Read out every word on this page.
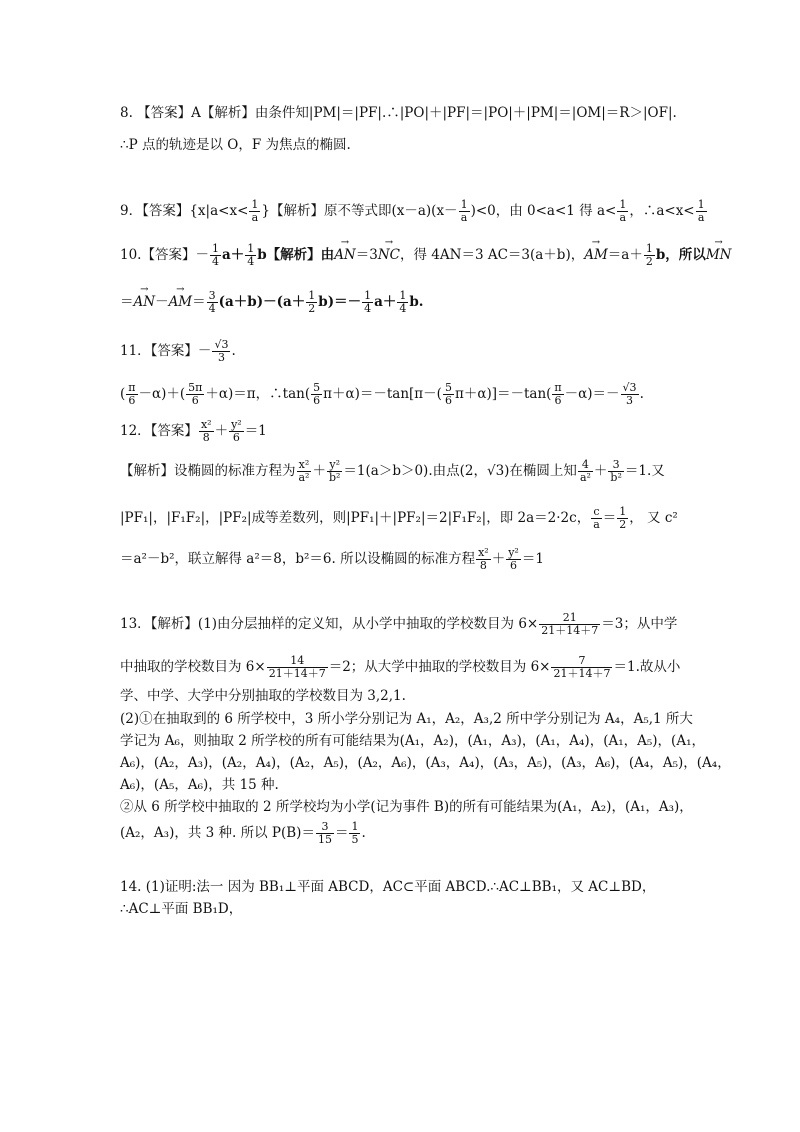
8. 【答案】A【解析】由条件知|PM|＝|PF|.∴|PO|＋|PF|＝|PO|＋|PM|＝|OM|＝R＞|OF|.
∴P 点的轨迹是以 O，F 为焦点的椭圆.
9．【答案】{$x|a<x< \frac{1}{a}$ }【解析】原不等式即$(x-a)(x- \frac{1}{a} )<0$，由 0<a<1 得 $a< \frac{1}{a}$ ，∴a<x< $\frac{1}{a}$
10.【答案】－ $\frac{1}{4} a+ \frac{1}{4}$ b【解析】由→ AN＝3→ NC，得 4AN＝3 AC＝3(a＋b)，→ $AM=a+ \frac{1}{2}$ b，所以→ MN
＝→ $AN-\to AM= \frac{3}{4} (a+b)-(a+ \frac{1}{2} b)=- \frac{1}{4} a+ \frac{1}{4} b$.
11．【答案】－ $\frac{√3}{3}$ .
( $\frac{\pi}{6} -\alpha)+( \frac{5\pi}{6} +\alpha)=\pi$，∴tan( $\frac{5}{6} \pi+\alpha)=-\tan[\pi-( \frac{5}{6} \pi+\alpha)]=-\tan( \frac{\pi}{6} -\alpha)=- \frac{√3}{3}$ .
12．【答案】 $\frac{\text{x²}}{8} + \frac{\text{y²}}{6} =1$
【解析】设椭圆的标准方程为 $\frac{\text{x²}}{\text{a²}} + \frac{\text{y²}}{\text{b²}} =1(a>b>0)$.由点(2，√3)在椭圆上知 $\frac{4}{\text{a²}} + \frac{3}{\text{b²}} =1$.又
|PF₁|，|F₁F₂|，|PF₂|成等差数列，则|PF₁|＋|PF₂|＝2|F₁F₂|，即 2a＝2·2c， $\frac{c}{a} = \frac{1}{2}$ ， 又 c²
＝a²－b²，联立解得 a²＝8，b²＝6. 所以设椭圆的标准方程 $\frac{\text{x²}}{8} + \frac{\text{y²}}{6} =1$
13．【解析】(1)由分层抽样的定义知，从小学中抽取的学校数目为 $6\times \frac{21}{21+14+7} =3$；从中学
中抽取的学校数目为 $6\times \frac{14}{21+14+7} =2$；从大学中抽取的学校数目为 $6\times \frac{7}{21+14+7} =1$.故从小
学、中学、大学中分别抽取的学校数目为 3,2,1.
(2)①在抽取到的 6 所学校中，3 所小学分别记为 A₁，A₂，A₃,2 所中学分别记为 A₄，A₅,1 所大
学记为 A₆，则抽取 2 所学校的所有可能结果为(A₁，A₂)，(A₁，A₃)，(A₁，A₄)，(A₁，A₅)，(A₁，
A₆)，(A₂，A₃)，(A₂，A₄)，(A₂，A₅)，(A₂，A₆)，(A₃，A₄)，(A₃，A₅)，(A₃，A₆)，(A₄，A₅)，(A₄，
A₆)，(A₅，A₆)，共 15 种.
②从 6 所学校中抽取的 2 所学校均为小学(记为事件 B)的所有可能结果为(A₁，A₂)，(A₁，A₃)，
(A₂，A₃)，共 3 种. 所以 $P(B)= \frac{3}{15} = \frac{1}{5}$ .
14. (1)证明:法一 因为 BB₁⊥平面 ABCD，AC⊂平面 ABCD.∴AC⊥BB₁，又 AC⊥BD，
∴AC⊥平面 BB₁D，
